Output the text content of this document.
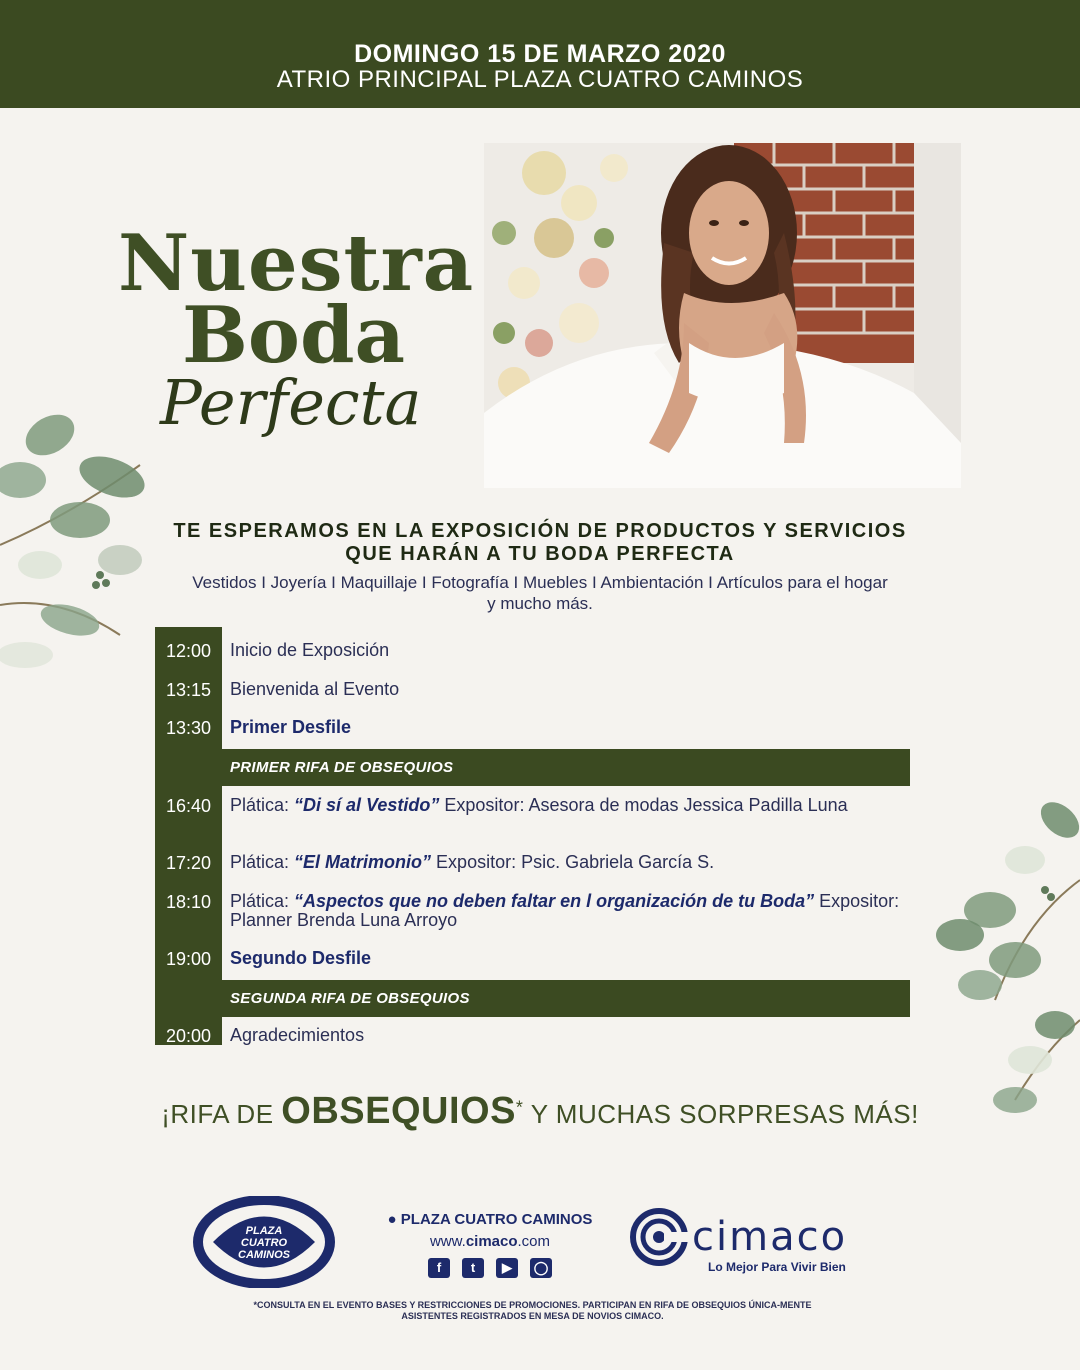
DOMINGO 15 DE MARZO 2020
ATRIO PRINCIPAL PLAZA CUATRO CAMINOS
Nuestra
Boda
Perfecta
TE ESPERAMOS EN LA EXPOSICIÓN DE PRODUCTOS Y SERVICIOS QUE HARÁN A TU BODA PERFECTA
Vestidos I Joyería I Maquillaje I Fotografía I Muebles I Ambientación I Artículos para el hogar y mucho más.
12:00	Inicio de Exposición
13:15	Bienvenida al Evento
13:30	Primer Desfile
PRIMER RIFA DE OBSEQUIOS
16:40	Plática: “Di sí al Vestido” Expositor: Asesora de modas Jessica Padilla Luna
17:20	Plática: “El Matrimonio” Expositor: Psic. Gabriela García S.
18:10	Plática: “Aspectos que no deben faltar en l organización de tu Boda” Expositor: Planner Brenda Luna Arroyo
19:00	Segundo Desfile
SEGUNDA RIFA DE OBSEQUIOS
20:00	Agradecimientos
¡RIFA DE OBSEQUIOS* Y MUCHAS SORPRESAS MÁS!
PLAZA
CUATRO
CAMINOS
● PLAZA CUATRO CAMINOS
www.cimaco.com
f	t	▶	◯
cimaco
Lo Mejor Para Vivir Bien
*CONSULTA EN EL EVENTO BASES Y RESTRICCIONES DE PROMOCIONES. PARTICIPAN EN RIFA DE OBSEQUIOS ÚNICA-MENTE ASISTENTES REGISTRADOS EN MESA DE NOVIOS CIMACO.
